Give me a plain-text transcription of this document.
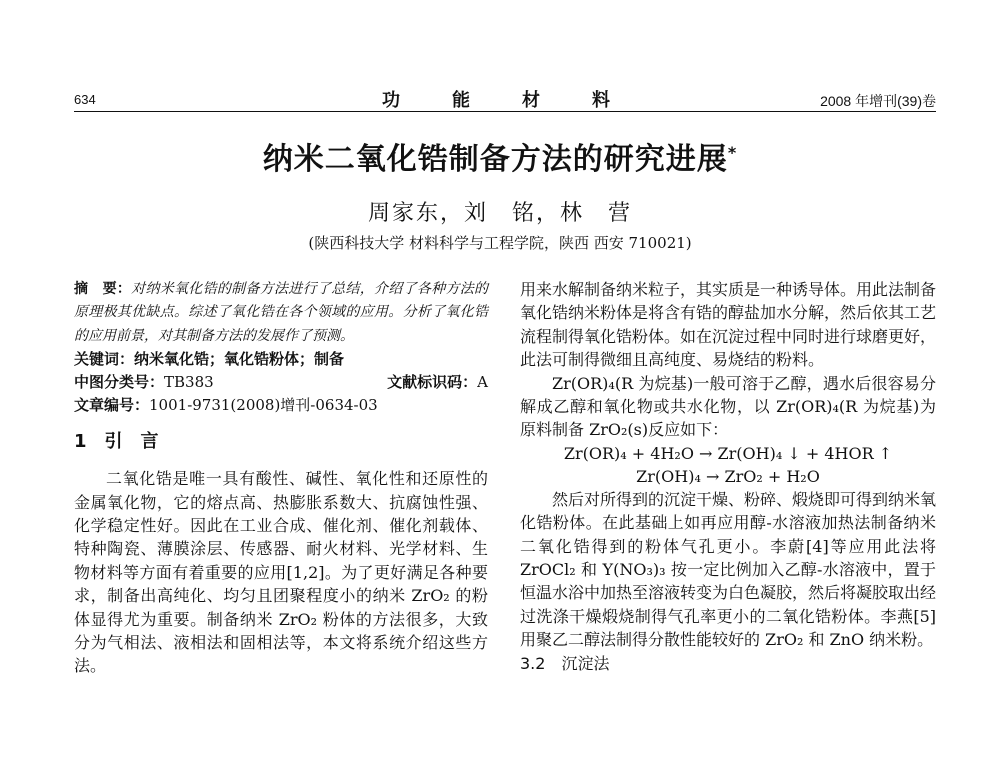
634	功能材料	2008 年增刊(39)卷
纳米二氧化锆制备方法的研究进展*
周家东，刘　铭，林　营
(陕西科技大学 材料科学与工程学院，陕西 西安 710021)

摘　要：对纳米氧化锆的制备方法进行了总结，介绍了各种方法的原理极其优缺点。综述了氧化锆在各个领域的应用。分析了氧化锆的应用前景，对其制备方法的发展作了预测。

关键词：纳米氧化锆；氧化锆粉体；制备
中图分类号：TB383	文献标识码：A
文章编号：1001-9731(2008)增刊-0634-03
1　引　言

二氧化锆是唯一具有酸性、碱性、氧化性和还原性的金属氧化物，它的熔点高、热膨胀系数大、抗腐蚀性强、化学稳定性好。因此在工业合成、催化剂、催化剂载体、特种陶瓷、薄膜涂层、传感器、耐火材料、光学材料、生物材料等方面有着重要的应用[1,2]。为了更好满足各种要求，制备出高纯化、均匀且团聚程度小的纳米 ZrO₂ 的粉体显得尤为重要。制备纳米 ZrO₂ 粉体的方法很多，大致分为气相法、液相法和固相法等，本文将系统介绍这些方法。

用来水解制备纳米粒子，其实质是一种诱导体。用此法制备氧化锆纳米粉体是将含有锆的醇盐加水分解，然后依其工艺流程制得氧化锆粉体。如在沉淀过程中同时进行球磨更好，此法可制得微细且高纯度、易烧结的粉料。

Zr(OR)₄(R 为烷基)一般可溶于乙醇，遇水后很容易分解成乙醇和氧化物或共水化物，以 Zr(OR)₄(R 为烷基)为原料制备 ZrO₂(s)反应如下：

Zr(OR)₄ + 4H₂O → Zr(OH)₄ ↓ + 4HOR ↑
Zr(OH)₄ → ZrO₂ + H₂O

然后对所得到的沉淀干燥、粉碎、煅烧即可得到纳米氧化锆粉体。在此基础上如再应用醇-水溶液加热法制备纳米二氧化锆得到的粉体气孔更小。李蔚[4]等应用此法将 ZrOCl₂ 和 Y(NO₃)₃ 按一定比例加入乙醇-水溶液中，置于恒温水浴中加热至溶液转变为白色凝胶，然后将凝胶取出经过洗涤干燥煅烧制得气孔率更小的二氧化锆粉体。李燕[5]用聚乙二醇法制得分散性能较好的 ZrO₂ 和 ZnO 纳米粉。

3.2　沉淀法
